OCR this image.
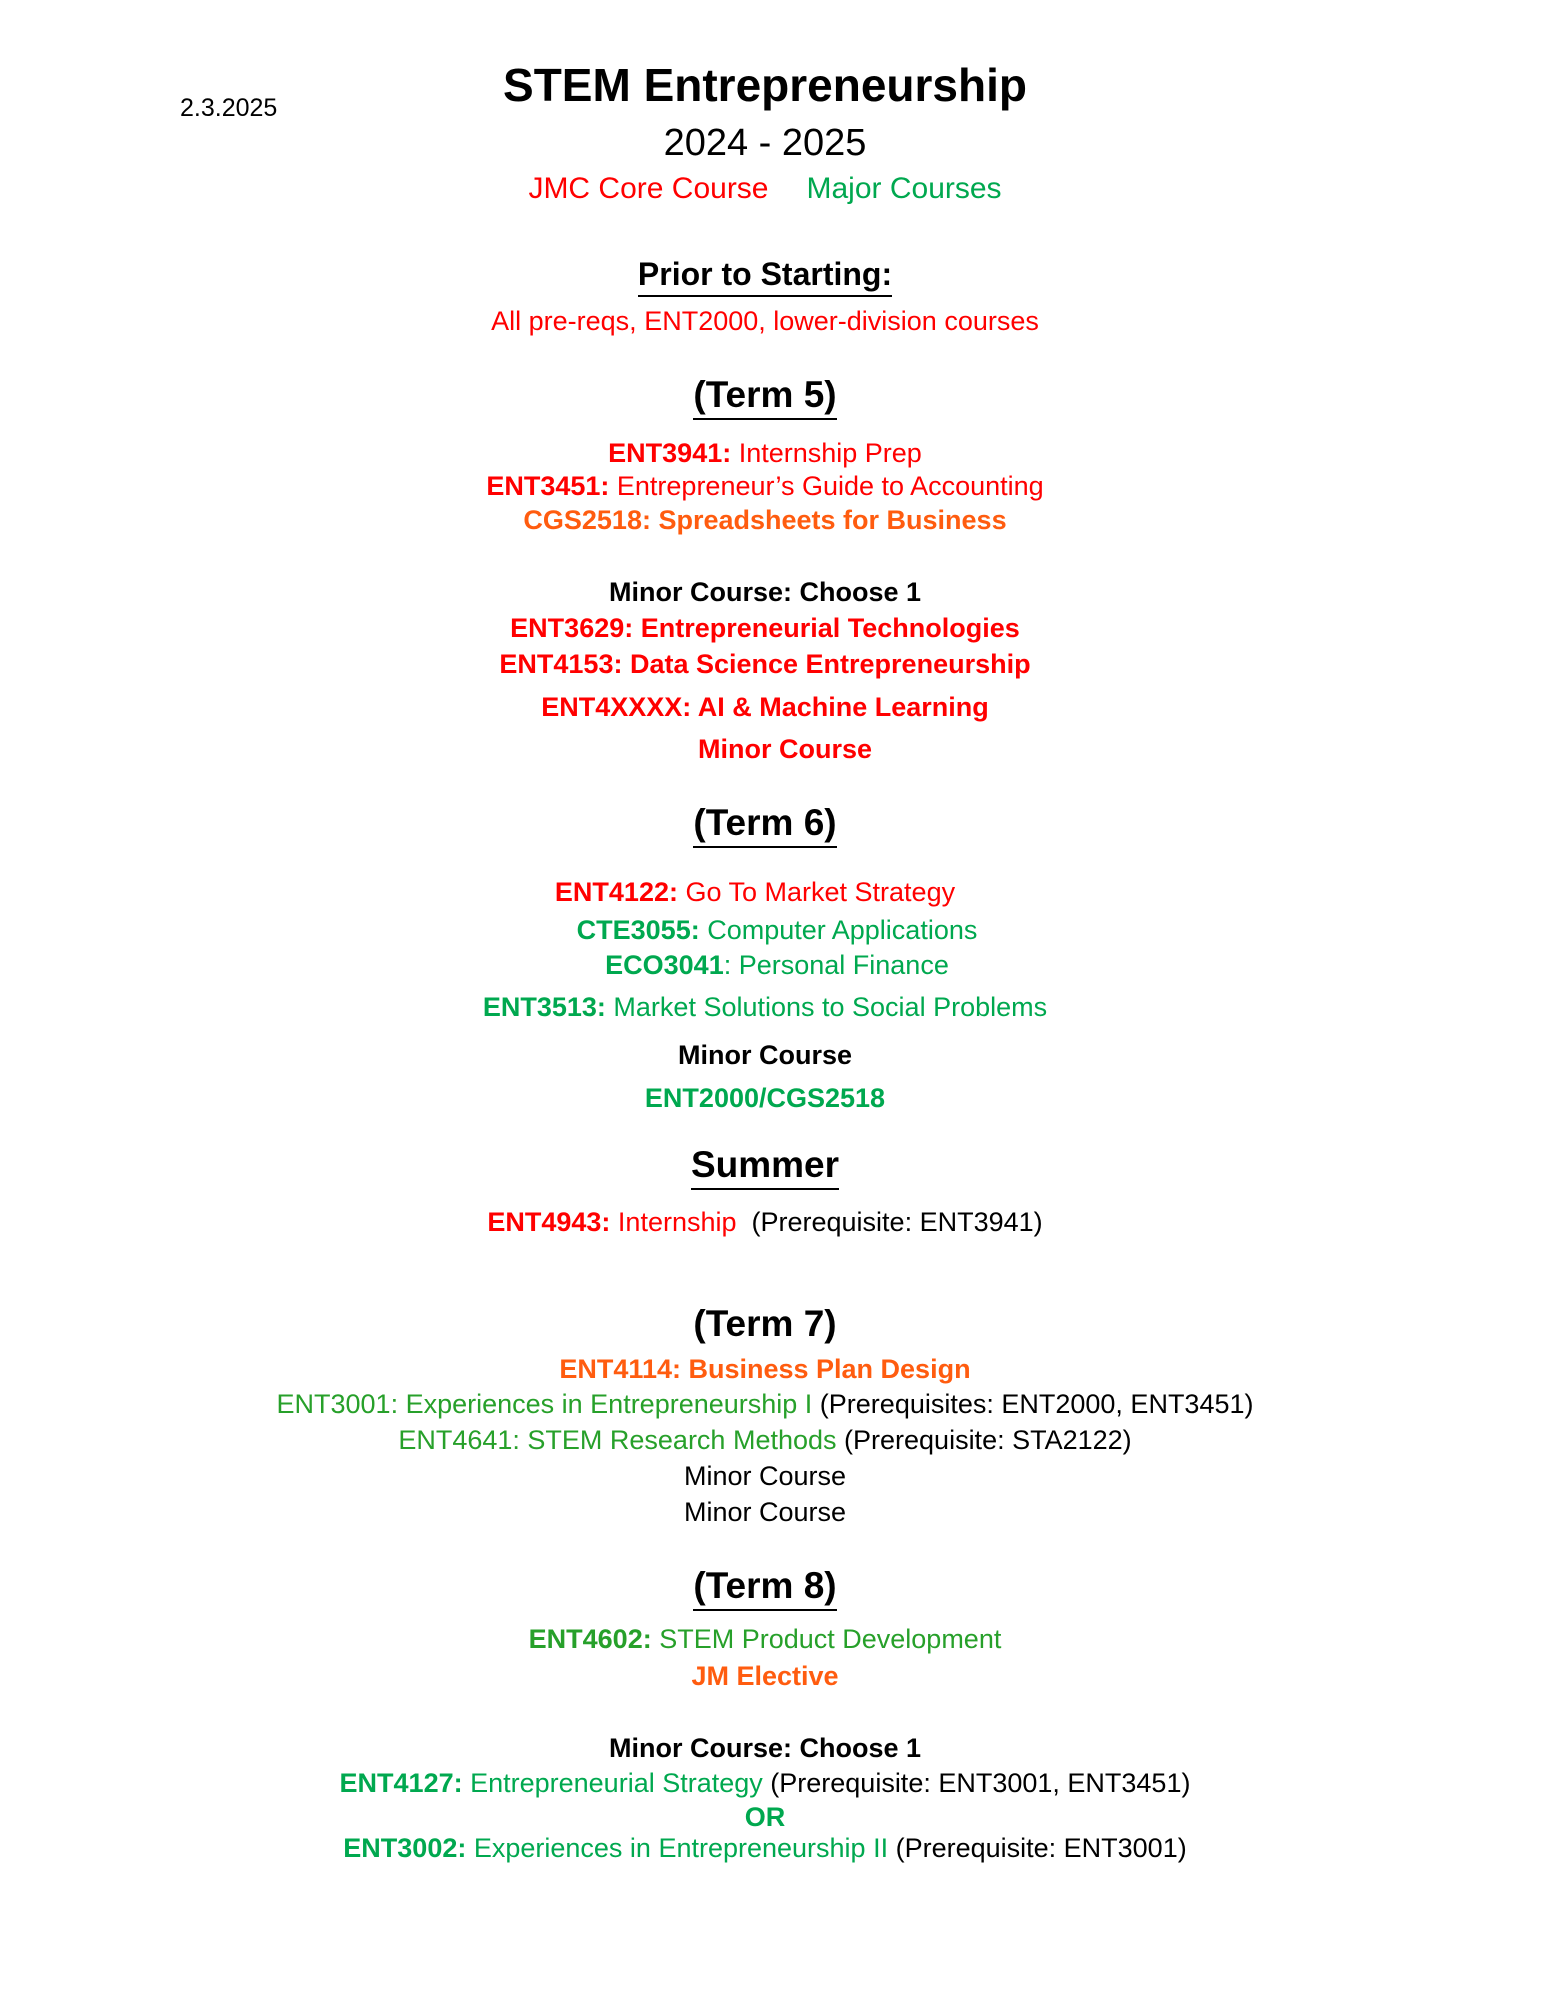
2.3.2025	STEM Entrepreneurship
2024 - 2025
JMC Core Course Major Courses
Prior to Starting:
All pre-reqs, ENT2000, lower-division courses
(Term 5)
ENT3941: Internship Prep
ENT3451: Entrepreneur’s Guide to Accounting
CGS2518: Spreadsheets for Business
Minor Course: Choose 1
ENT3629: Entrepreneurial Technologies
ENT4153: Data Science Entrepreneurship
ENT4XXXX: AI & Machine Learning
Minor Course
(Term 6)
ENT4122: Go To Market Strategy
CTE3055: Computer Applications
ECO3041: Personal Finance
ENT3513: Market Solutions to Social Problems
Minor Course
ENT2000/CGS2518
Summer
ENT4943: Internship  (Prerequisite: ENT3941)
(Term 7)
ENT4114: Business Plan Design
ENT3001: Experiences in Entrepreneurship I (Prerequisites: ENT2000, ENT3451)
ENT4641: STEM Research Methods (Prerequisite: STA2122)
Minor Course
Minor Course
(Term 8)
ENT4602: STEM Product Development
JM Elective
Minor Course: Choose 1
ENT4127: Entrepreneurial Strategy (Prerequisite: ENT3001, ENT3451)
OR
ENT3002: Experiences in Entrepreneurship II (Prerequisite: ENT3001)
